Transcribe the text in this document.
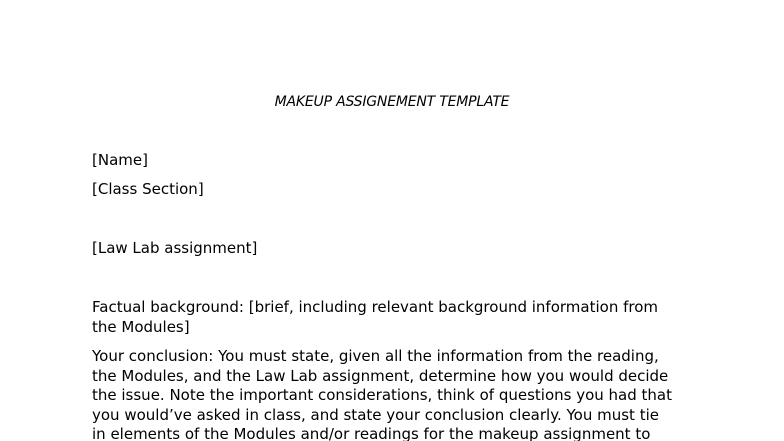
MAKEUP ASSIGNEMENT TEMPLATE
[Name]
[Class Section]
[Law Lab assignment]

Factual background: [brief, including relevant background information from
the Modules]

Your conclusion: You must state, given all the information from the reading,
the Modules, and the Law Lab assignment, determine how you would decide
the issue. Note the important considerations, think of questions you had that
you would’ve asked in class, and state your conclusion clearly. You must tie
in elements of the Modules and/or readings for the makeup assignment to
